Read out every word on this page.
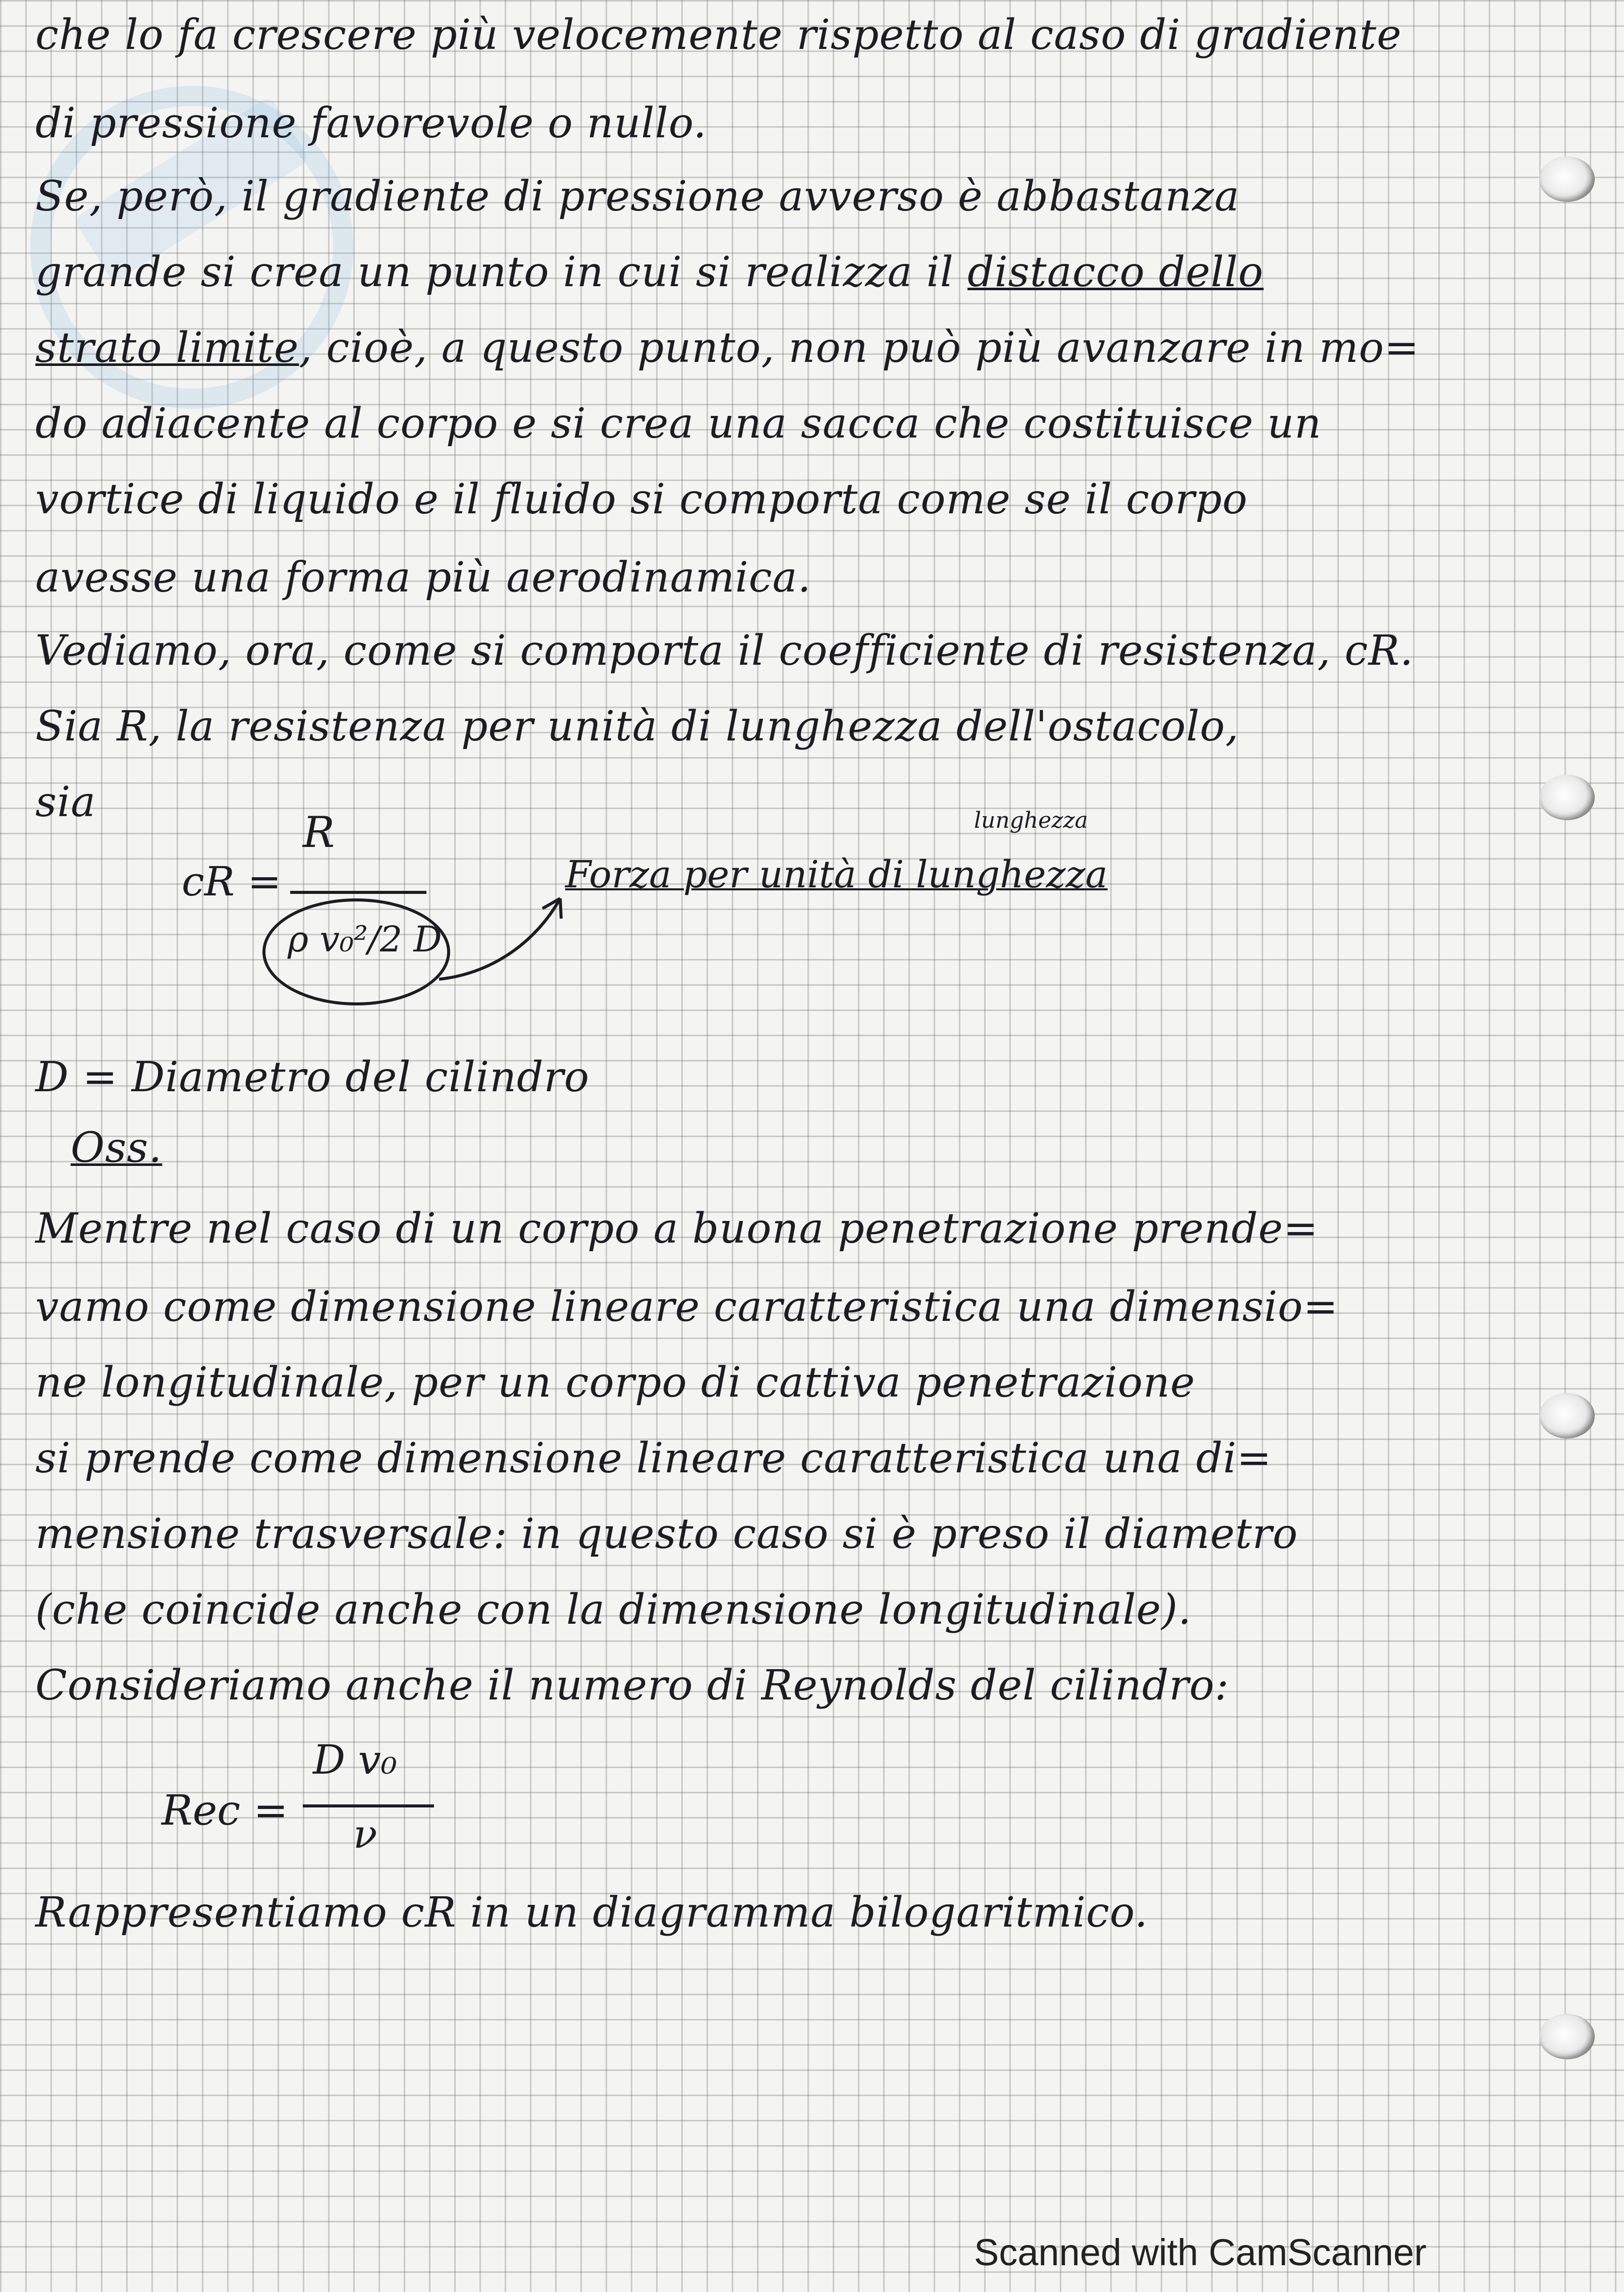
che lo fa crescere più velocemente rispetto al caso di gradiente
di pressione favorevole o nullo.
Se, però, il gradiente di pressione avverso è abbastanza
grande si crea un punto in cui si realizza il distacco dello
strato limite, cioè, a questo punto, non può più avanzare in mo=
do adiacente al corpo e si crea una sacca che costituisce un
vortice di liquido e il fluido si comporta come se il corpo
avesse una forma più aerodinamica.
Vediamo, ora, come si comporta il coefficiente di resistenza, cR.
Sia R, la resistenza per unità di lunghezza dell'ostacolo,
sia
cR =
R
ρ v₀²/2 D
lunghezza
Forza per unità di lunghezza
D = Diametro del cilindro
Oss.
Mentre nel caso di un corpo a buona penetrazione prende=
vamo come dimensione lineare caratteristica una dimensio=
ne longitudinale, per un corpo di cattiva penetrazione
si prende come dimensione lineare caratteristica una di=
mensione trasversale: in questo caso si è preso il diametro
(che coincide anche con la dimensione longitudinale).
Consideriamo anche il numero di Reynolds del cilindro:
Rec =
D v₀
ν
Rappresentiamo cR in un diagramma bilogaritmico.
Scanned with CamScanner
